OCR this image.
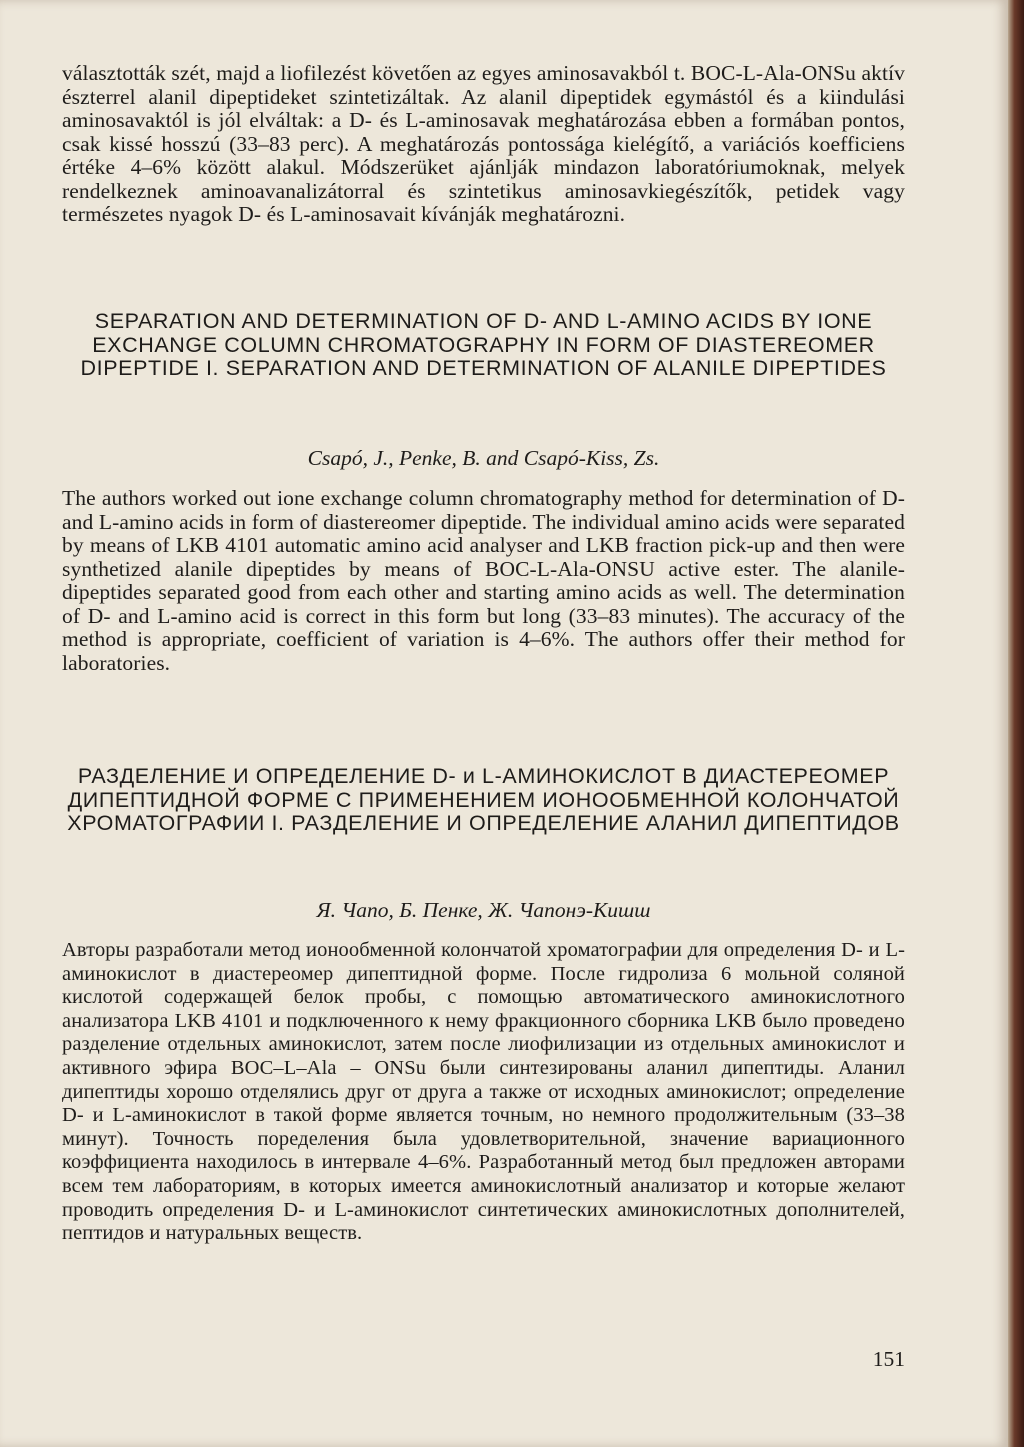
választották szét, majd a liofilezést követően az egyes aminosavakból t. BOC-L-Ala-ONSu aktív észterrel alanil dipeptideket szintetizáltak. Az alanil dipeptidek egymástól és a kiindulási aminosavaktól is jól elváltak: a D- és L-aminosavak meghatározása ebben a formában pontos, csak kissé hosszú (33–83 perc). A meghatározás pontossága kielégítő, a variációs koefficiens értéke 4–6% között alakul. Módszerüket ajánlják mindazon laboratóriumoknak, melyek rendelkeznek aminoavanalizátorral és szintetikus aminosavkiegészítők, petidek vagy természetes nyagok D- és L-aminosavait kívánják meghatározni.

SEPARATION AND DETERMINATION OF D- AND L-AMINO ACIDS BY IONE EXCHANGE COLUMN CHROMATOGRAPHY IN FORM OF DIASTEREOMER DIPEPTIDE I. SEPARATION AND DETERMINATION OF ALANILE DIPEPTIDES

Csapó, J., Penke, B. and Csapó-Kiss, Zs.

The authors worked out ione exchange column chromatography method for determination of D- and L-amino acids in form of diastereomer dipeptide. The individual amino acids were separated by means of LKB 4101 automatic amino acid analyser and LKB fraction pick-up and then were synthetized alanile dipeptides by means of BOC-L-Ala-ONSU active ester. The alanile-dipeptides separated good from each other and starting amino acids as well. The determination of D- and L-amino acid is correct in this form but long (33–83 minutes). The accuracy of the method is appropriate, coefficient of variation is 4–6%. The authors offer their method for laboratories.

РАЗДЕЛЕНИЕ И ОПРЕДЕЛЕНИЕ D- и L-АМИНОКИСЛОТ В ДИАСТЕРЕОМЕР ДИПЕПТИДНОЙ ФОРМЕ С ПРИМЕНЕНИЕМ ИОНООБМЕННОЙ КОЛОНЧАТОЙ ХРОМАТОГРАФИИ I. РАЗДЕЛЕНИЕ И ОПРЕДЕЛЕНИЕ АЛАНИЛ ДИПЕПТИДОВ

Я. Чапо, Б. Пенке, Ж. Чапонэ-Кишш

Авторы разработали метод ионообменной колончатой хроматографии для определения D- и L-аминокислот в диастереомер дипептидной форме. После гидролиза 6 мольной соляной кислотой содержащей белок пробы, с помощью автоматического аминокислотного анализатора LKB 4101 и подключенного к нему фракционного сборника LKB было проведено разделение отдельных аминокислот, затем после лиофилизации из отдельных аминокислот и активного эфира BOC–L–Ala – ONSu были синтезированы аланил дипептиды. Аланил дипептиды хорошо отделялись друг от друга а также от исходных аминокислот; определение D- и L-аминокислот в такой форме является точным, но немного продолжительным (33–38 минут). Точность поределения была удовлетворительной, значение вариационного коэффициента находилось в интервале 4–6%. Разработанный метод был предложен авторами всем тем лабораториям, в которых имеется аминокислотный анализатор и которые желают проводить определения D- и L-аминокислот синтетических аминокислотных дополнителей, пептидов и натуральных веществ.

151
